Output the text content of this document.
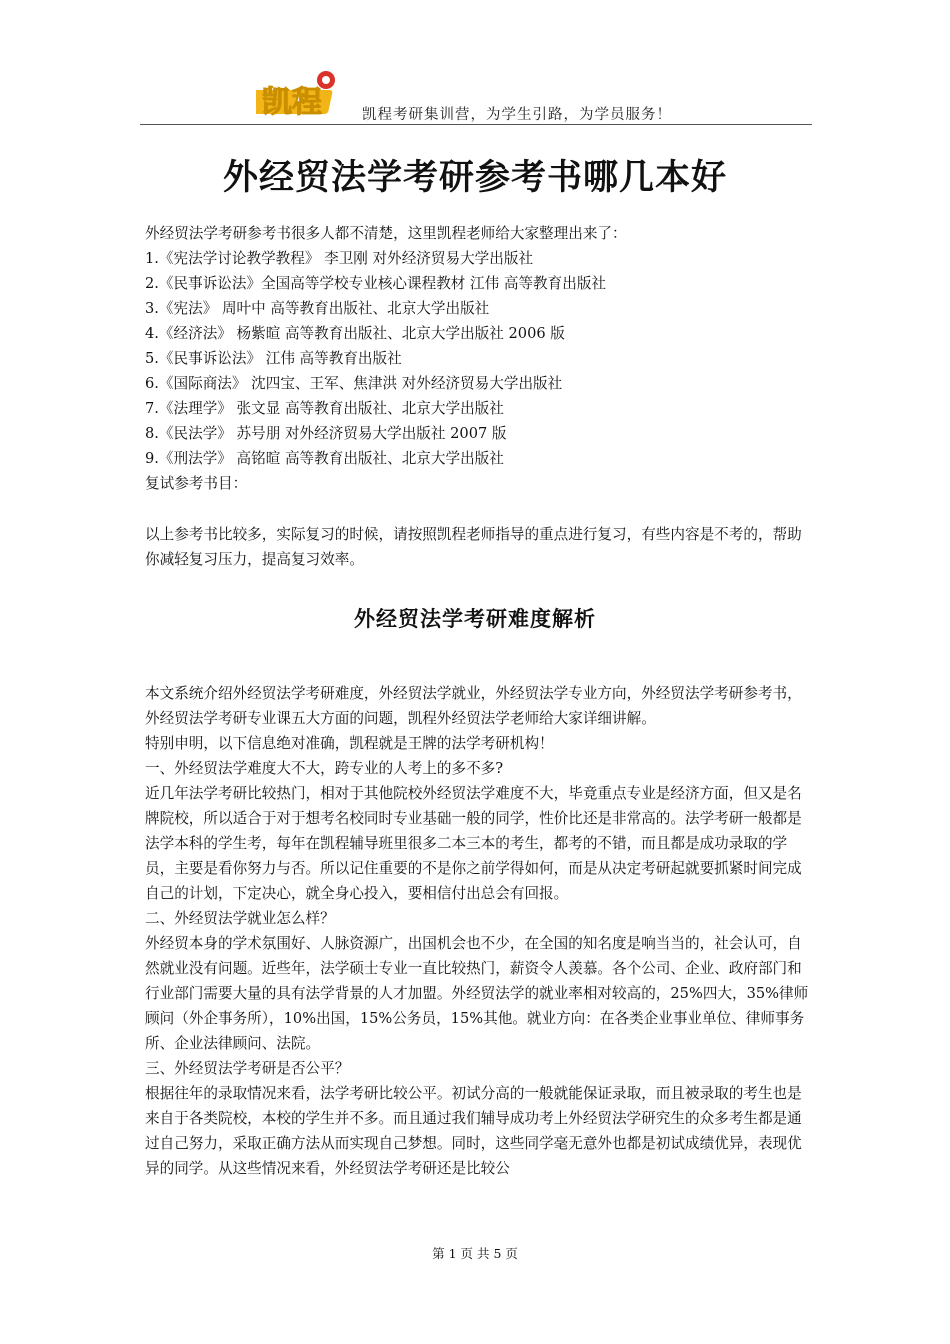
凯程	凯程考研集训营，为学生引路，为学员服务！
外经贸法学考研参考书哪几本好

外经贸法学考研参考书很多人都不清楚，这里凯程老师给大家整理出来了：

1.《宪法学讨论教学教程》 李卫刚 对外经济贸易大学出版社

2.《民事诉讼法》全国高等学校专业核心课程教材 江伟 高等教育出版社

3.《宪法》 周叶中 高等教育出版社、北京大学出版社

4.《经济法》 杨紫暄 高等教育出版社、北京大学出版社 2006 版

5.《民事诉讼法》 江伟 高等教育出版社

6.《国际商法》 沈四宝、王军、焦津洪 对外经济贸易大学出版社

7.《法理学》 张文显 高等教育出版社、北京大学出版社

8.《民法学》 苏号朋 对外经济贸易大学出版社 2007 版

9.《刑法学》 高铭暄 高等教育出版社、北京大学出版社

复试参考书目：

以上参考书比较多，实际复习的时候，请按照凯程老师指导的重点进行复习，有些内容是不考的，帮助你减轻复习压力，提高复习效率。

外经贸法学考研难度解析

本文系统介绍外经贸法学考研难度，外经贸法学就业，外经贸法学专业方向，外经贸法学考研参考书，外经贸法学考研专业课五大方面的问题，凯程外经贸法学老师给大家详细讲解。

特别申明，以下信息绝对准确，凯程就是王牌的法学考研机构！

一、外经贸法学难度大不大，跨专业的人考上的多不多?

近几年法学考研比较热门，相对于其他院校外经贸法学难度不大，毕竟重点专业是经济方面，但又是名牌院校，所以适合于对于想考名校同时专业基础一般的同学，性价比还是非常高的。法学考研一般都是法学本科的学生考，每年在凯程辅导班里很多二本三本的考生，都考的不错，而且都是成功录取的学员，主要是看你努力与否。所以记住重要的不是你之前学得如何，而是从决定考研起就要抓紧时间完成自己的计划，下定决心，就全身心投入，要相信付出总会有回报。

二、外经贸法学就业怎么样？

外经贸本身的学术氛围好、人脉资源广，出国机会也不少，在全国的知名度是响当当的，社会认可，自然就业没有问题。近些年，法学硕士专业一直比较热门，薪资令人羡慕。各个公司、企业、政府部门和行业部门需要大量的具有法学背景的人才加盟。外经贸法学的就业率相对较高的，25%四大，35%律师 顾问（外企事务所），10%出国，15%公务员，15%其他。就业方向：在各类企业事业单位、律师事务所、企业法律顾问、法院。

三、外经贸法学考研是否公平？

根据往年的录取情况来看，法学考研比较公平。初试分高的一般就能保证录取，而且被录取的考生也是来自于各类院校，本校的学生并不多。而且通过我们辅导成功考上外经贸法学研究生的众多考生都是通过自己努力，采取正确方法从而实现自己梦想。同时，这些同学毫无意外也都是初试成绩优异，表现优异的同学。从这些情况来看，外经贸法学考研还是比较公

第 1 页 共 5 页
